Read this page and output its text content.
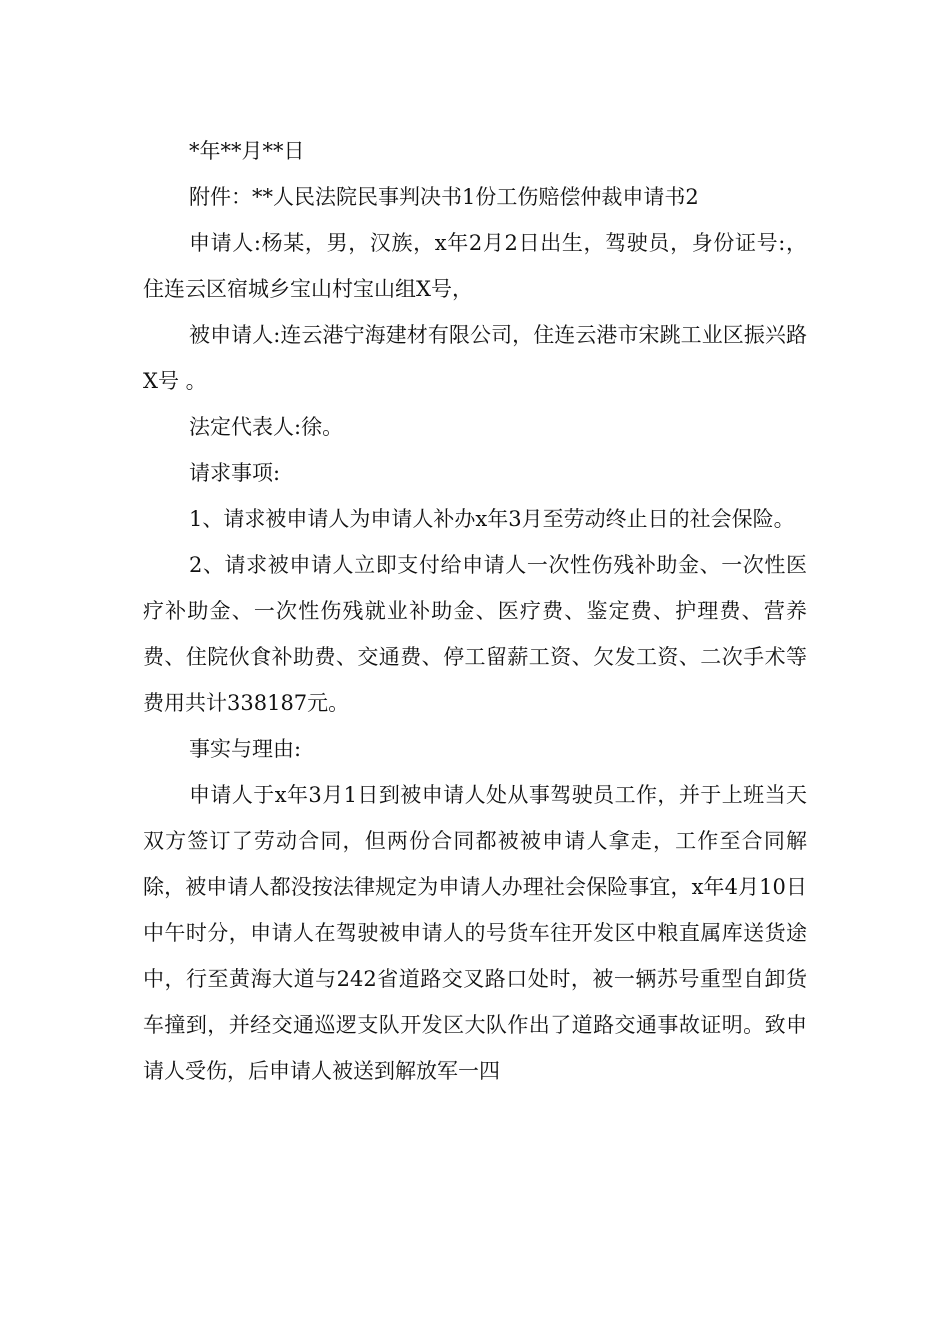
*年**月**日

附件：**人民法院民事判决书1份工伤赔偿仲裁申请书2

申请人:杨某，男，汉族，x年2月2日出生，驾驶员，身份证号:，住连云区宿城乡宝山村宝山组X号，

被申请人:连云港宁海建材有限公司，住连云港市宋跳工业区振兴路X号 。

法定代表人:徐。

请求事项:

1、请求被申请人为申请人补办x年3月至劳动终止日的社会保险。

2、请求被申请人立即支付给申请人一次性伤残补助金、一次性医疗补助金、一次性伤残就业补助金、医疗费、鉴定费、护理费、营养费、住院伙食补助费、交通费、停工留薪工资、欠发工资、二次手术等费用共计338187元。

事实与理由:

申请人于x年3月1日到被申请人处从事驾驶员工作，并于上班当天双方签订了劳动合同，但两份合同都被被申请人拿走，工作至合同解除，被申请人都没按法律规定为申请人办理社会保险事宜，x年4月10日中午时分，申请人在驾驶被申请人的号货车往开发区中粮直属库送货途中，行至黄海大道与242省道路交叉路口处时，被一辆苏号重型自卸货车撞到，并经交通巡逻支队开发区大队作出了道路交通事故证明。致申请人受伤，后申请人被送到解放军一四
